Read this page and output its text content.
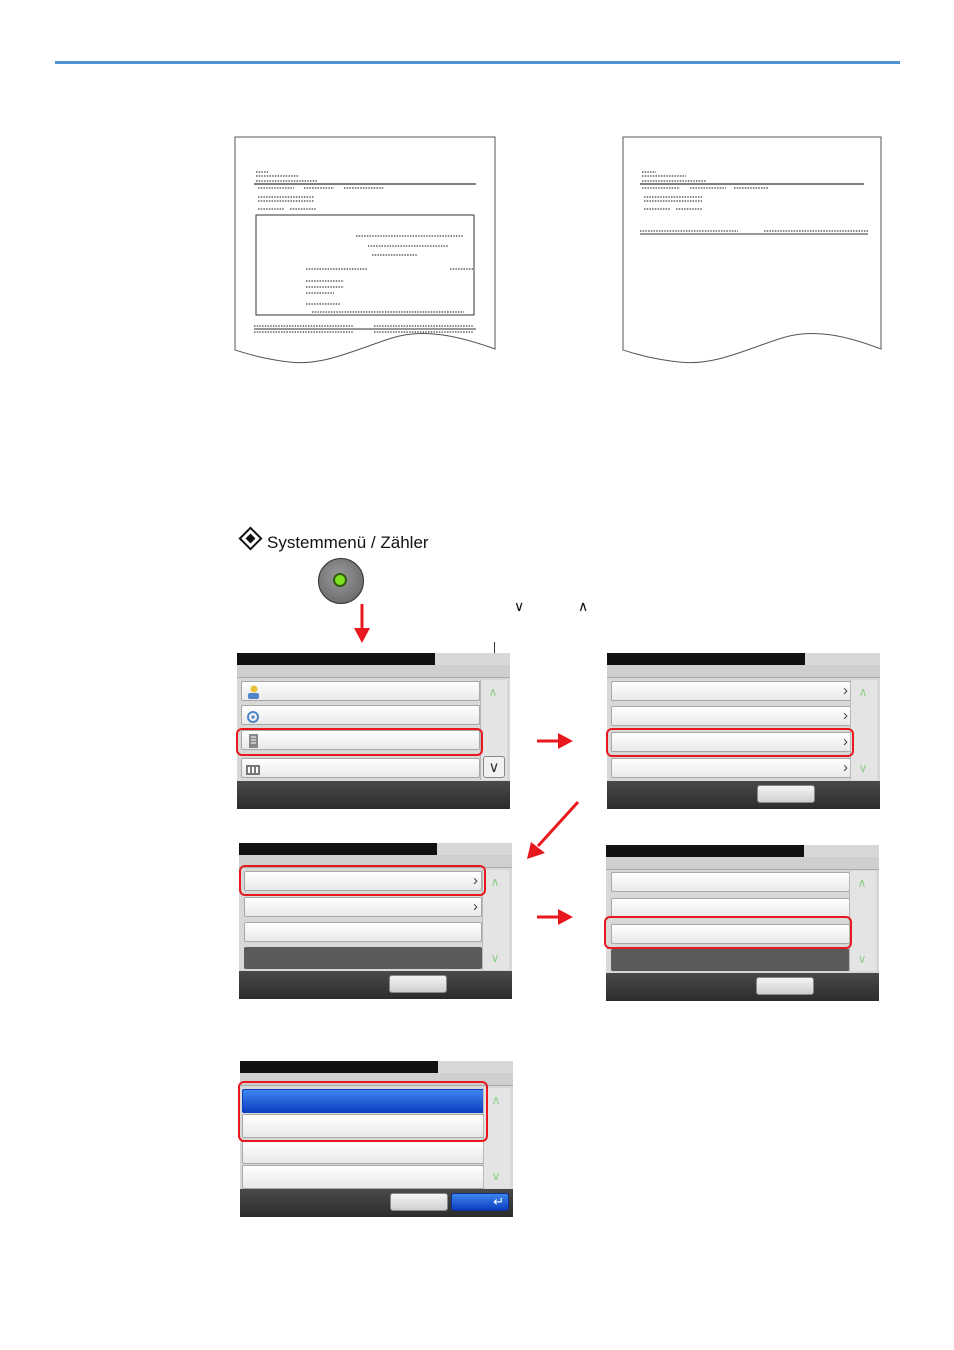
Systemmenü / Zähler
∨	∧
∧
∨
›
›
›
›
∧
∨
›
›
∧
∨
∧
∨
∧
∨
↵
